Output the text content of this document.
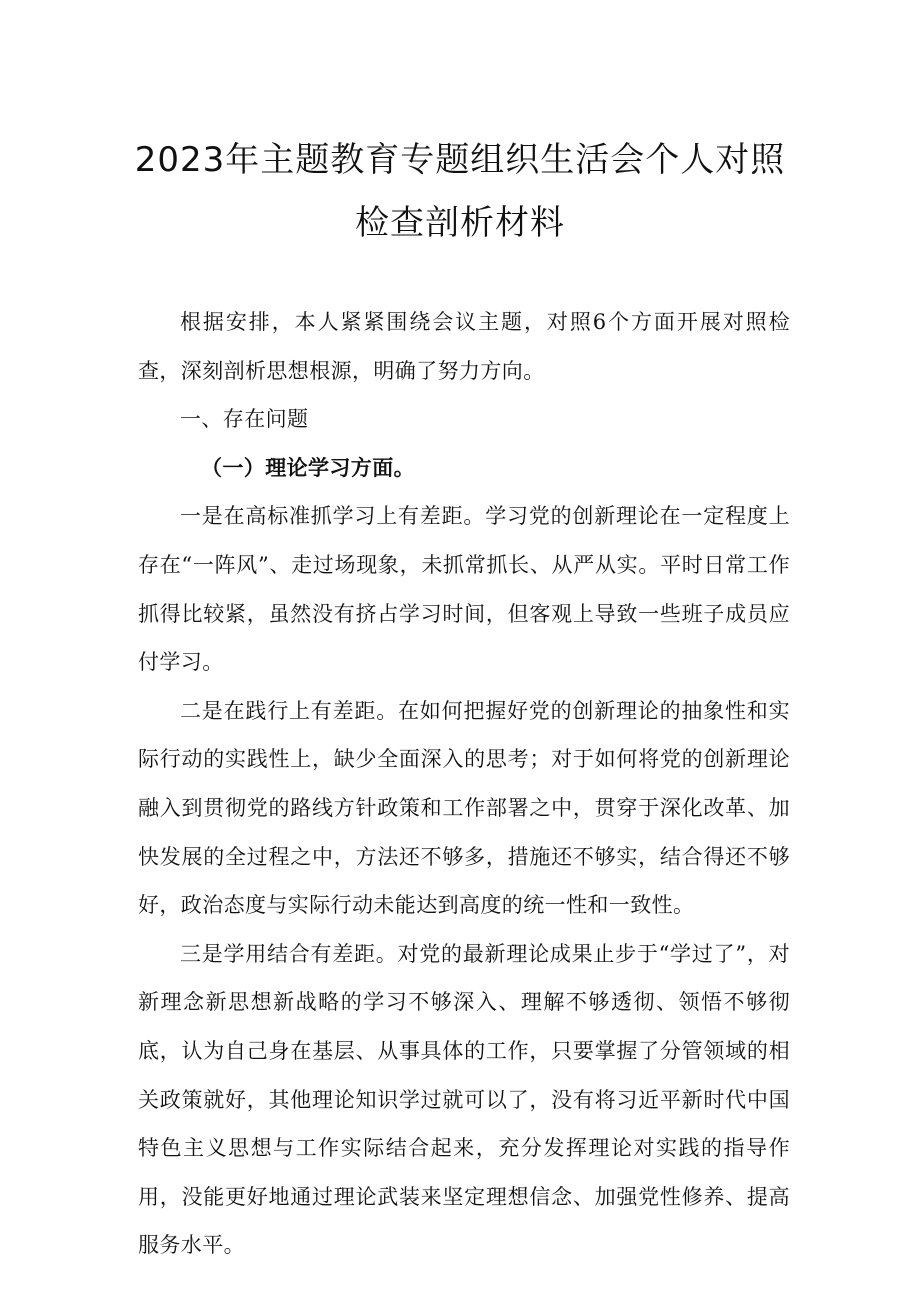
2023年主题教育专题组织生活会个人对照
检查剖析材料

根据安排，本人紧紧围绕会议主题，对照6个方面开展对照检查，深刻剖析思想根源，明确了努力方向。

一、存在问题

（一）理论学习方面。

一是在高标准抓学习上有差距。学习党的创新理论在一定程度上存在“一阵风”、走过场现象，未抓常抓长、从严从实。平时日常工作抓得比较紧，虽然没有挤占学习时间，但客观上导致一些班子成员应付学习。

二是在践行上有差距。在如何把握好党的创新理论的抽象性和实际行动的实践性上，缺少全面深入的思考；对于如何将党的创新理论融入到贯彻党的路线方针政策和工作部署之中，贯穿于深化改革、加快发展的全过程之中，方法还不够多，措施还不够实，结合得还不够好，政治态度与实际行动未能达到高度的统一性和一致性。

三是学用结合有差距。对党的最新理论成果止步于“学过了”，对新理念新思想新战略的学习不够深入、理解不够透彻、领悟不够彻底，认为自己身在基层、从事具体的工作，只要掌握了分管领域的相关政策就好，其他理论知识学过就可以了，没有将习近平新时代中国特色主义思想与工作实际结合起来，充分发挥理论对实践的指导作用，没能更好地通过理论武装来坚定理想信念、加强党性修养、提高服务水平。
